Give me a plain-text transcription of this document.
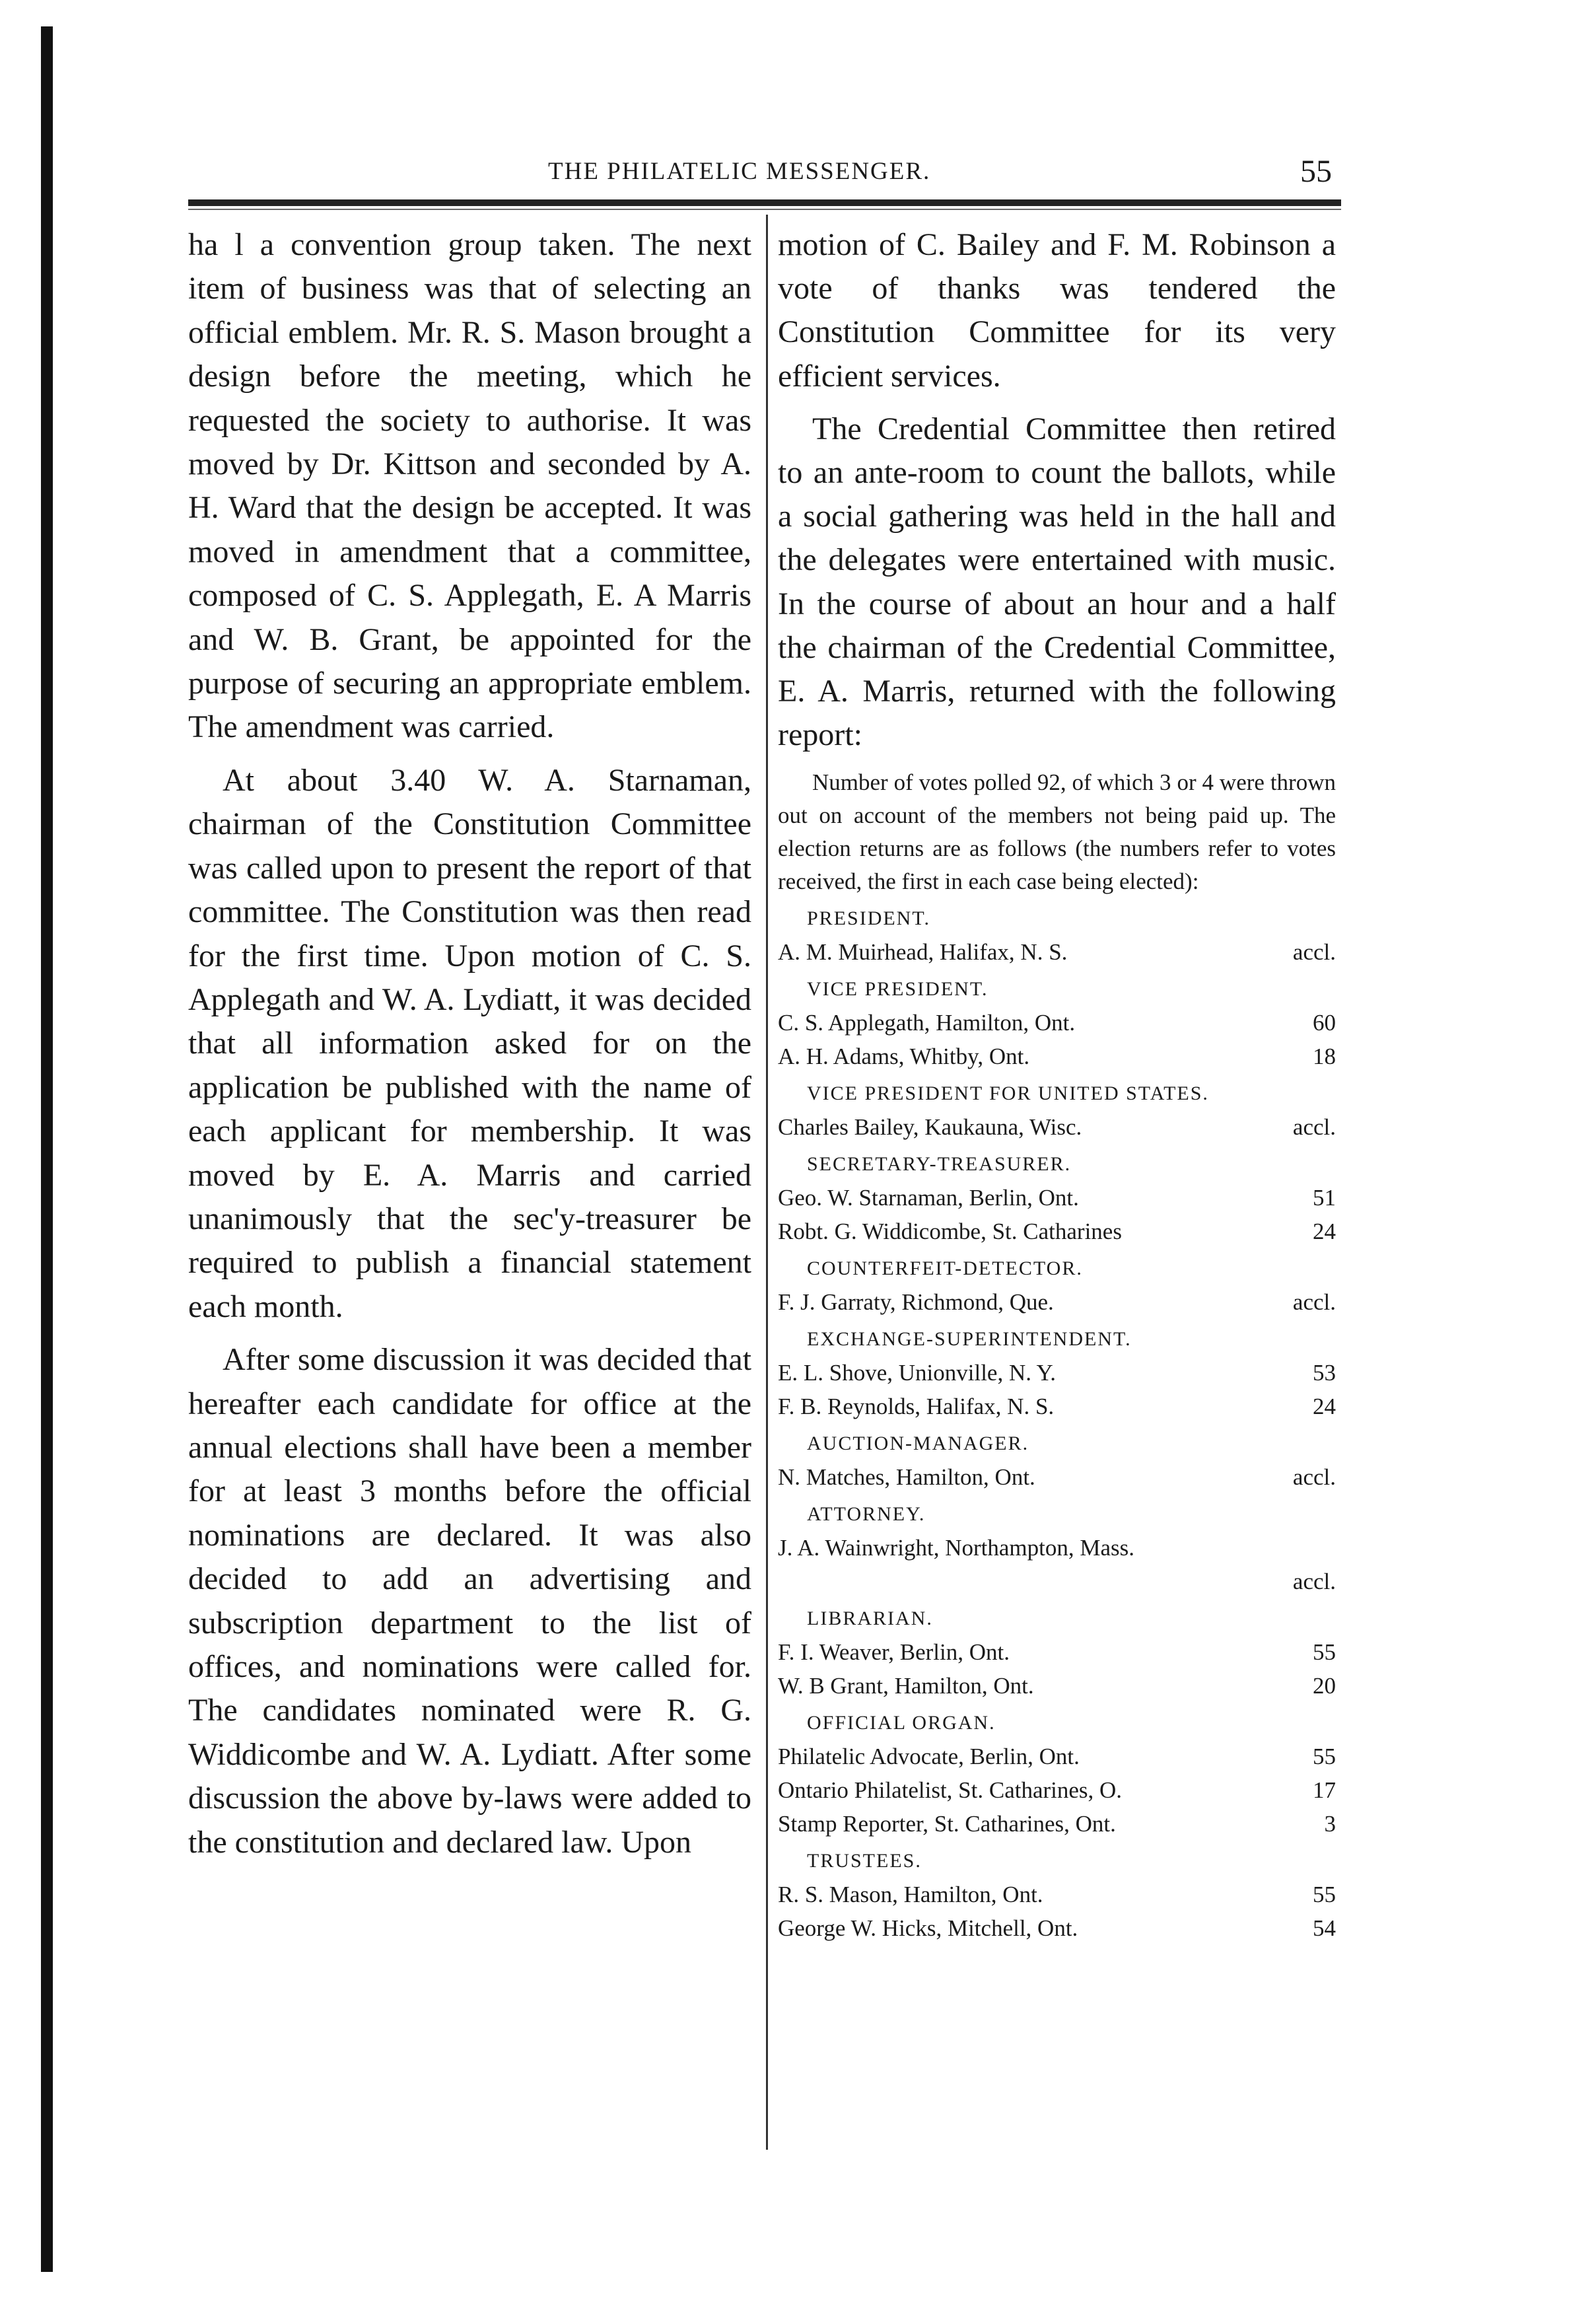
THE PHILATELIC MESSENGER.	55

ha l a convention group taken. The next item of business was that of selecting an official emblem. Mr. R. S. Mason brought a design before the meeting, which he requested the society to authorise. It was moved by Dr. Kittson and seconded by A. H. Ward that the design be accepted. It was moved in amendment that a committee, composed of C. S. Applegath, E. A Marris and W. B. Grant, be appointed for the purpose of securing an appropriate emblem. The amendment was carried.

At about 3.40 W. A. Starnaman, chairman of the Constitution Committee was called upon to present the report of that committee. The Constitution was then read for the first time. Upon motion of C. S. Applegath and W. A. Lydiatt, it was decided that all information asked for on the application be published with the name of each applicant for membership. It was moved by E. A. Marris and carried unanimously that the sec'y-treasurer be required to publish a financial statement each month.

After some discussion it was decided that hereafter each candidate for office at the annual elections shall have been a member for at least 3 months before the official nominations are declared. It was also decided to add an advertising and subscription department to the list of offices, and nominations were called for. The candidates nominated were R. G. Widdicombe and W. A. Lydiatt. After some discussion the above by-laws were added to the constitution and declared law. Upon

motion of C. Bailey and F. M. Robinson a vote of thanks was tendered the Constitution Committee for its very efficient services.

The Credential Committee then retired to an ante-room to count the ballots, while a social gathering was held in the hall and the delegates were entertained with music. In the course of about an hour and a half the chairman of the Credential Committee, E. A. Marris, returned with the following report:

Number of votes polled 92, of which 3 or 4 were thrown out on account of the members not being paid up. The election returns are as follows (the numbers refer to votes received, the first in each case being elected):

PRESIDENT.
A. M. Muirhead, Halifax, N. S.	accl.
VICE PRESIDENT.
C. S. Applegath, Hamilton, Ont.	60
A. H. Adams, Whitby, Ont.	18
VICE PRESIDENT FOR UNITED STATES.
Charles Bailey, Kaukauna, Wisc.	accl.
SECRETARY-TREASURER.
Geo. W. Starnaman, Berlin, Ont.	51
Robt. G. Widdicombe, St. Catharines	24
COUNTERFEIT-DETECTOR.
F. J. Garraty, Richmond, Que.	accl.
EXCHANGE-SUPERINTENDENT.
E. L. Shove, Unionville, N. Y.	53
F. B. Reynolds, Halifax, N. S.	24
AUCTION-MANAGER.
N. Matches, Hamilton, Ont.	accl.
ATTORNEY.
J. A. Wainwright, Northampton, Mass.
accl.
LIBRARIAN.
F. I. Weaver, Berlin, Ont.	55
W. B Grant, Hamilton, Ont.	20
OFFICIAL ORGAN.
Philatelic Advocate, Berlin, Ont.	55
Ontario Philatelist, St. Catharines, O.	17
Stamp Reporter, St. Catharines, Ont.	3
TRUSTEES.
R. S. Mason, Hamilton, Ont.	55
George W. Hicks, Mitchell, Ont.	54
